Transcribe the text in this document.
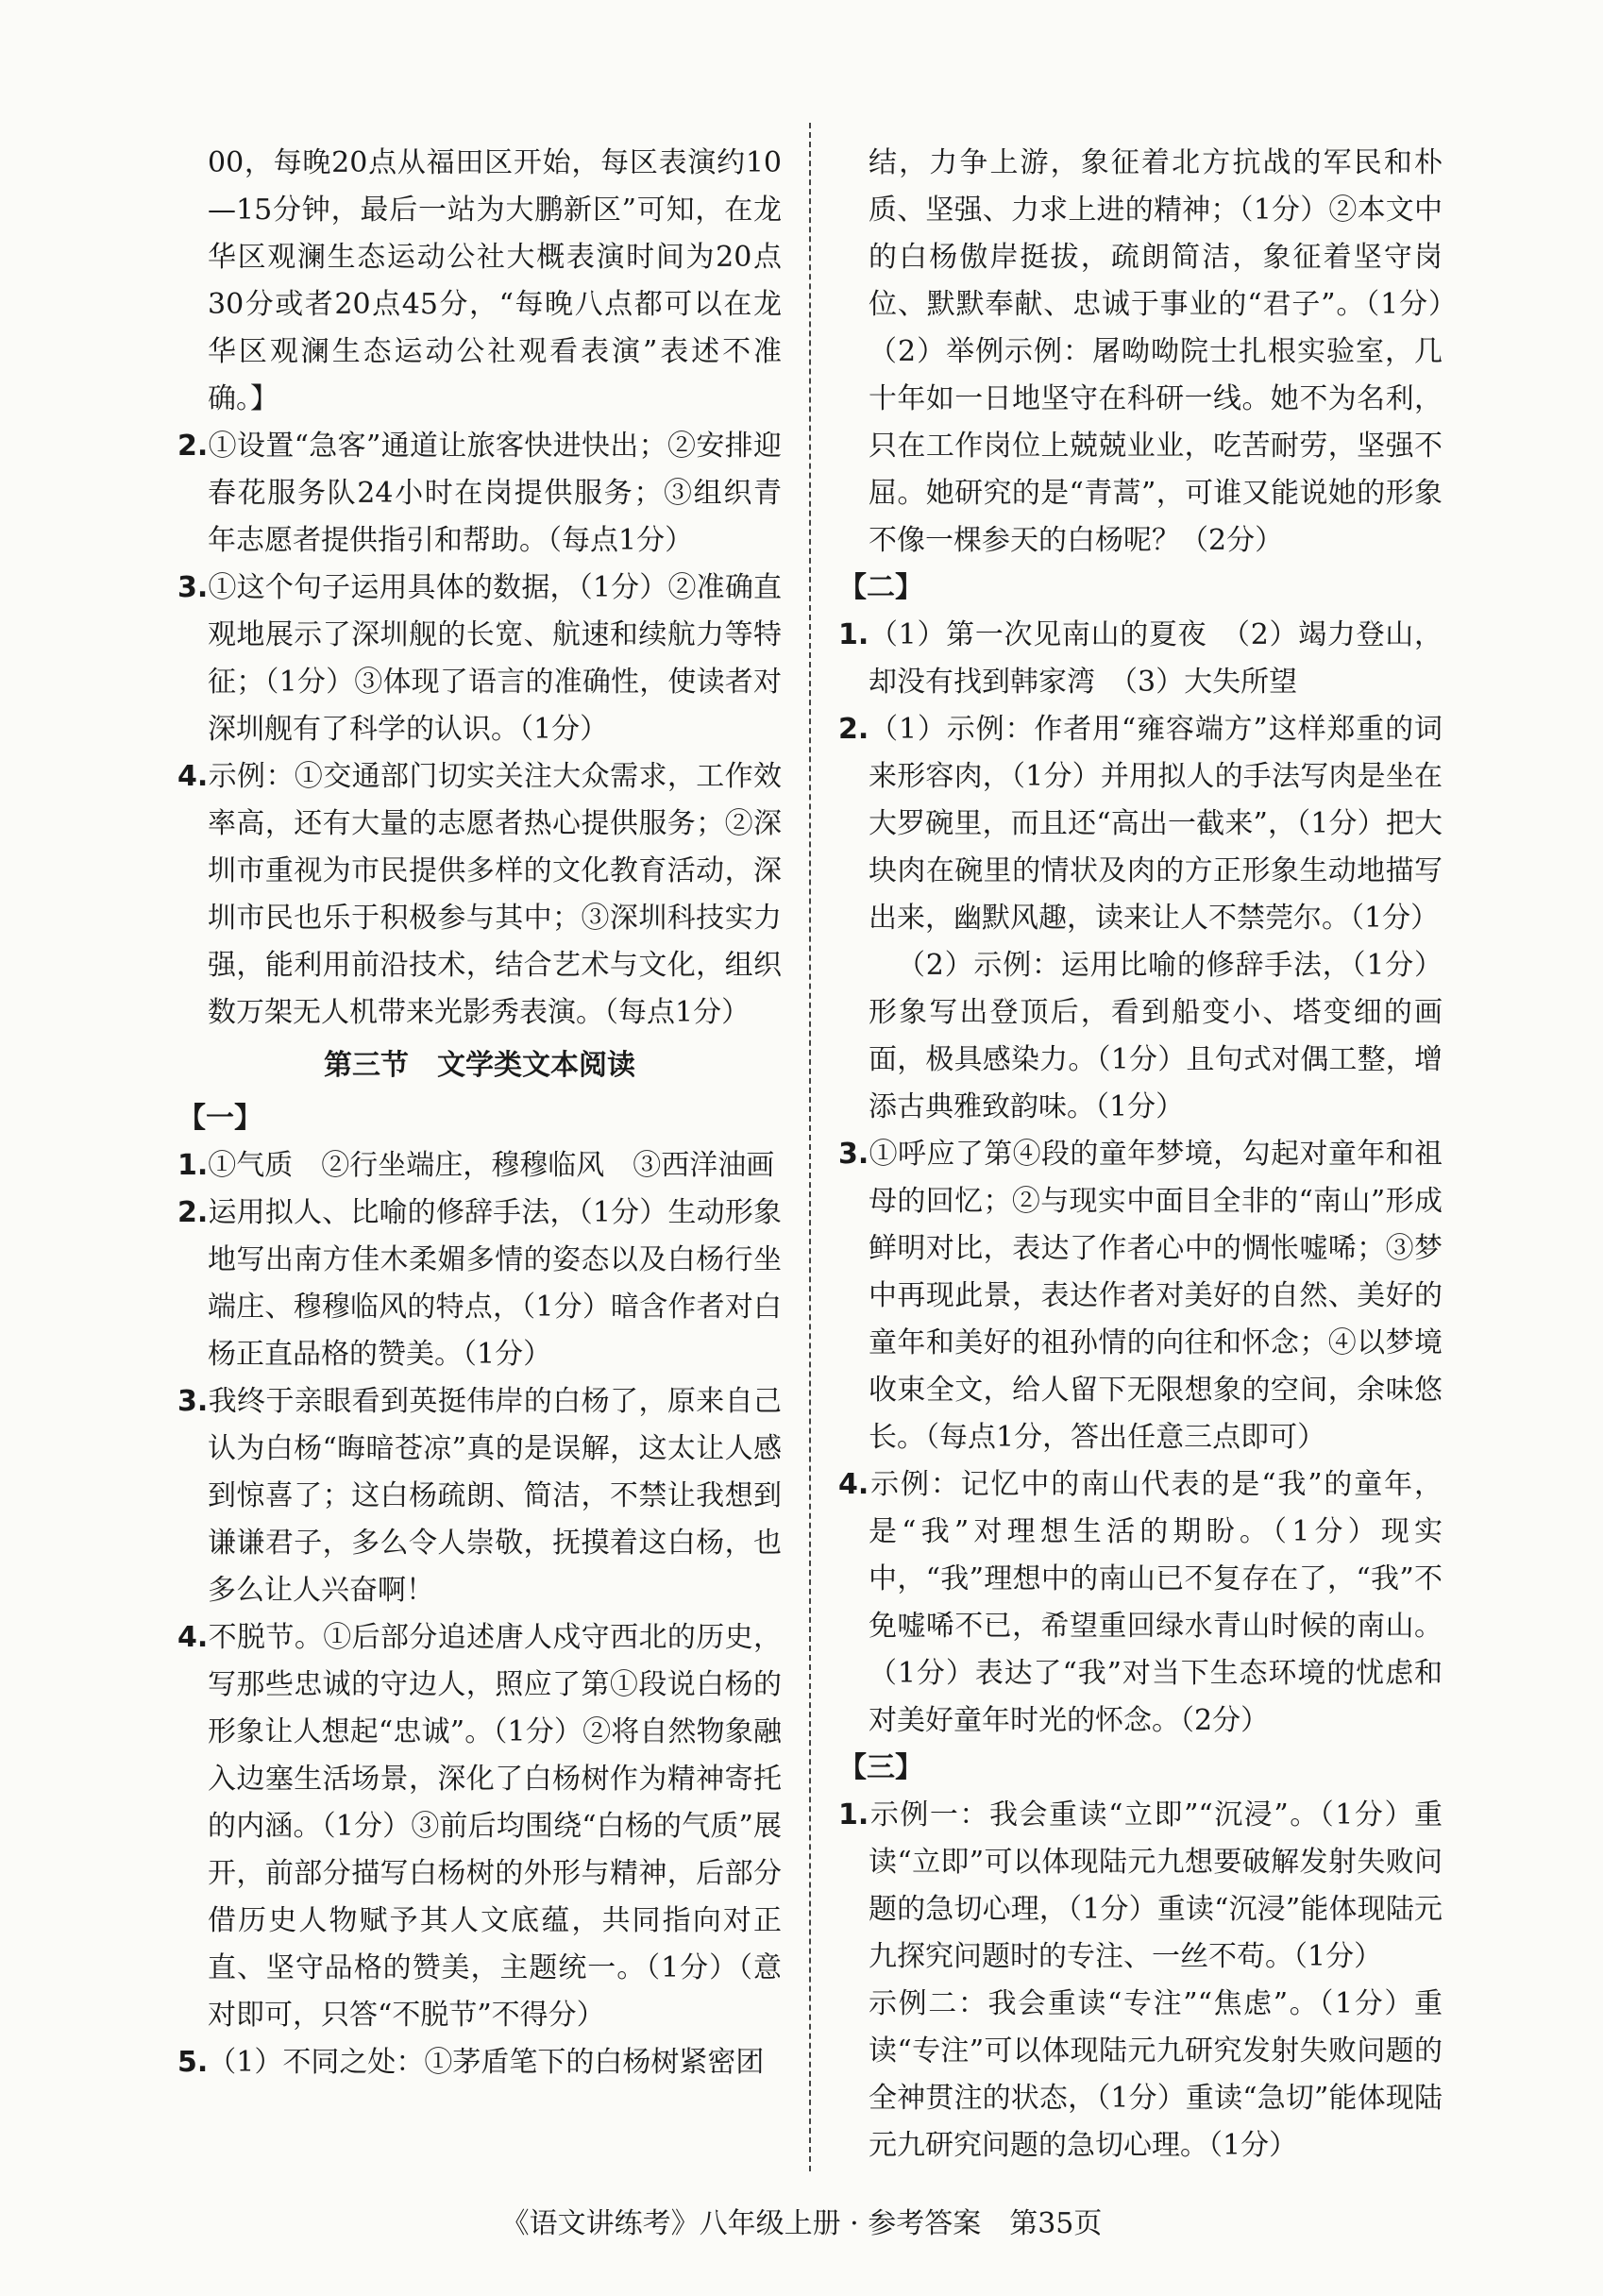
00，每晚20点从福田区开始，每区表演约10—15分钟，最后一站为大鹏新区”可知，在龙华区观澜生态运动公社大概表演时间为20点30分或者20点45分，“每晚八点都可以在龙华区观澜生态运动公社观看表演”表述不准确。】

2.①设置“急客”通道让旅客快进快出；②安排迎春花服务队24小时在岗提供服务；③组织青年志愿者提供指引和帮助。（每点1分）

3.①这个句子运用具体的数据，（1分）②准确直观地展示了深圳舰的长宽、航速和续航力等特征；（1分）③体现了语言的准确性，使读者对深圳舰有了科学的认识。（1分）

4.示例：①交通部门切实关注大众需求，工作效率高，还有大量的志愿者热心提供服务；②深圳市重视为市民提供多样的文化教育活动，深圳市民也乐于积极参与其中；③深圳科技实力强，能利用前沿技术，结合艺术与文化，组织数万架无人机带来光影秀表演。（每点1分）

第三节　文学类文本阅读

【一】

1.①气质　②行坐端庄，穆穆临风　③西洋油画

2.运用拟人、比喻的修辞手法，（1分）生动形象地写出南方佳木柔媚多情的姿态以及白杨行坐端庄、穆穆临风的特点，（1分）暗含作者对白杨正直品格的赞美。（1分）

3.我终于亲眼看到英挺伟岸的白杨了，原来自己认为白杨“晦暗苍凉”真的是误解，这太让人感到惊喜了；这白杨疏朗、简洁，不禁让我想到谦谦君子，多么令人崇敬，抚摸着这白杨，也多么让人兴奋啊！

4.不脱节。①后部分追述唐人戍守西北的历史，写那些忠诚的守边人，照应了第①段说白杨的形象让人想起“忠诚”。（1分）②将自然物象融入边塞生活场景，深化了白杨树作为精神寄托的内涵。（1分）③前后均围绕“白杨的气质”展开，前部分描写白杨树的外形与精神，后部分借历史人物赋予其人文底蕴，共同指向对正直、坚守品格的赞美，主题统一。（1分）（意对即可，只答“不脱节”不得分）

5.（1）不同之处：①茅盾笔下的白杨树紧密团

结，力争上游，象征着北方抗战的军民和朴质、坚强、力求上进的精神；（1分）②本文中的白杨傲岸挺拔，疏朗简洁，象征着坚守岗位、默默奉献、忠诚于事业的“君子”。（1分）　（2）举例示例：屠呦呦院士扎根实验室，几十年如一日地坚守在科研一线。她不为名利，只在工作岗位上兢兢业业，吃苦耐劳，坚强不屈。她研究的是“青蒿”，可谁又能说她的形象不像一棵参天的白杨呢？（2分）

【二】

1.（1）第一次见南山的夏夜　（2）竭力登山，却没有找到韩家湾　（3）大失所望

2.（1）示例：作者用“雍容端方”这样郑重的词来形容肉，（1分）并用拟人的手法写肉是坐在大罗碗里，而且还“高出一截来”，（1分）把大块肉在碗里的情状及肉的方正形象生动地描写出来，幽默风趣，读来让人不禁莞尔。（1分）

（2）示例：运用比喻的修辞手法，（1分）形象写出登顶后，看到船变小、塔变细的画面，极具感染力。（1分）且句式对偶工整，增添古典雅致韵味。（1分）

3.①呼应了第④段的童年梦境，勾起对童年和祖母的回忆；②与现实中面目全非的“南山”形成鲜明对比，表达了作者心中的惆怅嘘唏；③梦中再现此景，表达作者对美好的自然、美好的童年和美好的祖孙情的向往和怀念；④以梦境收束全文，给人留下无限想象的空间，余味悠长。（每点1分，答出任意三点即可）

4.示例：记忆中的南山代表的是“我”的童年，是“我”对理想生活的期盼。（1分）现实中，“我”理想中的南山已不复存在了，“我”不免嘘唏不已，希望重回绿水青山时候的南山。（1分）表达了“我”对当下生态环境的忧虑和对美好童年时光的怀念。（2分）

【三】

1.示例一：我会重读“立即”“沉浸”。（1分）重读“立即”可以体现陆元九想要破解发射失败问题的急切心理，（1分）重读“沉浸”能体现陆元九探究问题时的专注、一丝不苟。（1分）

示例二：我会重读“专注”“焦虑”。（1分）重读“专注”可以体现陆元九研究发射失败问题的全神贯注的状态，（1分）重读“急切”能体现陆元九研究问题的急切心理。（1分）

《语文讲练考》八年级上册 · 参考答案　第35页
